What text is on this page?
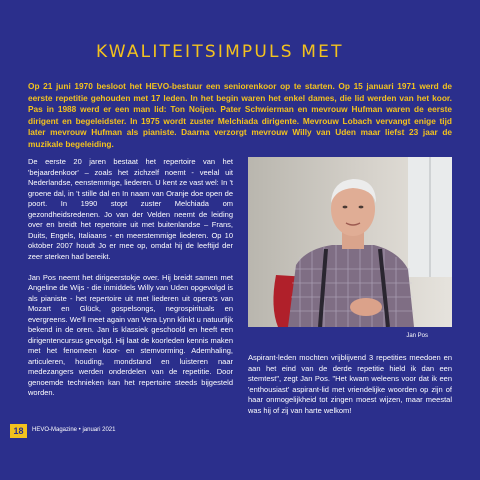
KWALITEITSIMPULS MET

Op 21 juni 1970 besloot het HEVO-bestuur een seniorenkoor op te starten. Op 15 januari 1971 werd de eerste repetitie gehouden met 17 leden. In het begin waren het enkel dames, die lid werden van het koor. Pas in 1988 werd er een man lid: Ton Noijen. Pater Schwierman en mevrouw Hufman waren de eerste dirigent en begeleidster. In 1975 wordt zuster Melchiada dirigente. Mevrouw Lobach vervangt enige tijd later mevrouw Hufman als pianiste. Daarna verzorgt mevrouw Willy van Uden maar liefst 23 jaar de muzikale begeleiding.

De eerste 20 jaren bestaat het repertoire van het 'bejaardenkoor' – zoals het zichzelf noemt - veelal uit Nederlandse, eenstemmige, liederen. U kent ze vast wel: In 't groene dal, in 't stille dal en In naam van Oranje doe open de poort. In 1990 stopt zuster Melchiada om gezondheidsredenen. Jo van der Velden neemt de leiding over en breidt het repertoire uit met buitenlandse – Frans, Duits, Engels, Italiaans - en meerstemmige liederen. Op 10 oktober 2007 houdt Jo er mee op, omdat hij de leeftijd der zeer sterken had bereikt.

Jan Pos neemt het dirigeerstokje over. Hij breidt samen met Angeline de Wijs - die inmiddels Willy van Uden opgevolgd is als pianiste - het repertoire uit met liederen uit opera's van Mozart en Glück, gospelsongs, negrospirituals en evergreens. We'll meet again van Vera Lynn klinkt u natuurlijk bekend in de oren. Jan is klassiek geschoold en heeft een dirigentencursus gevolgd. Hij laat de koorleden kennis maken met het fenomeen koor- en stemvorming. Ademhaling, articuleren, houding, mondstand en luisteren naar medezangers werden onderdelen van de repetitie. Door genoemde technieken kan het repertoire steeds bijgesteld worden.

Jan Pos

Aspirant-leden mochten vrijblijvend 3 repetities meedoen en aan het eind van de derde repetitie hield ik dan een stemtest", zegt Jan Pos. "Het kwam weleens voor dat ik een 'enthousiast' aspirant-lid met vriendelijke woorden op zijn of haar onmogelijkheid tot zingen moest wijzen, maar meestal was hij of zij van harte welkom!

18	HEVO-Magazine • januari 2021
